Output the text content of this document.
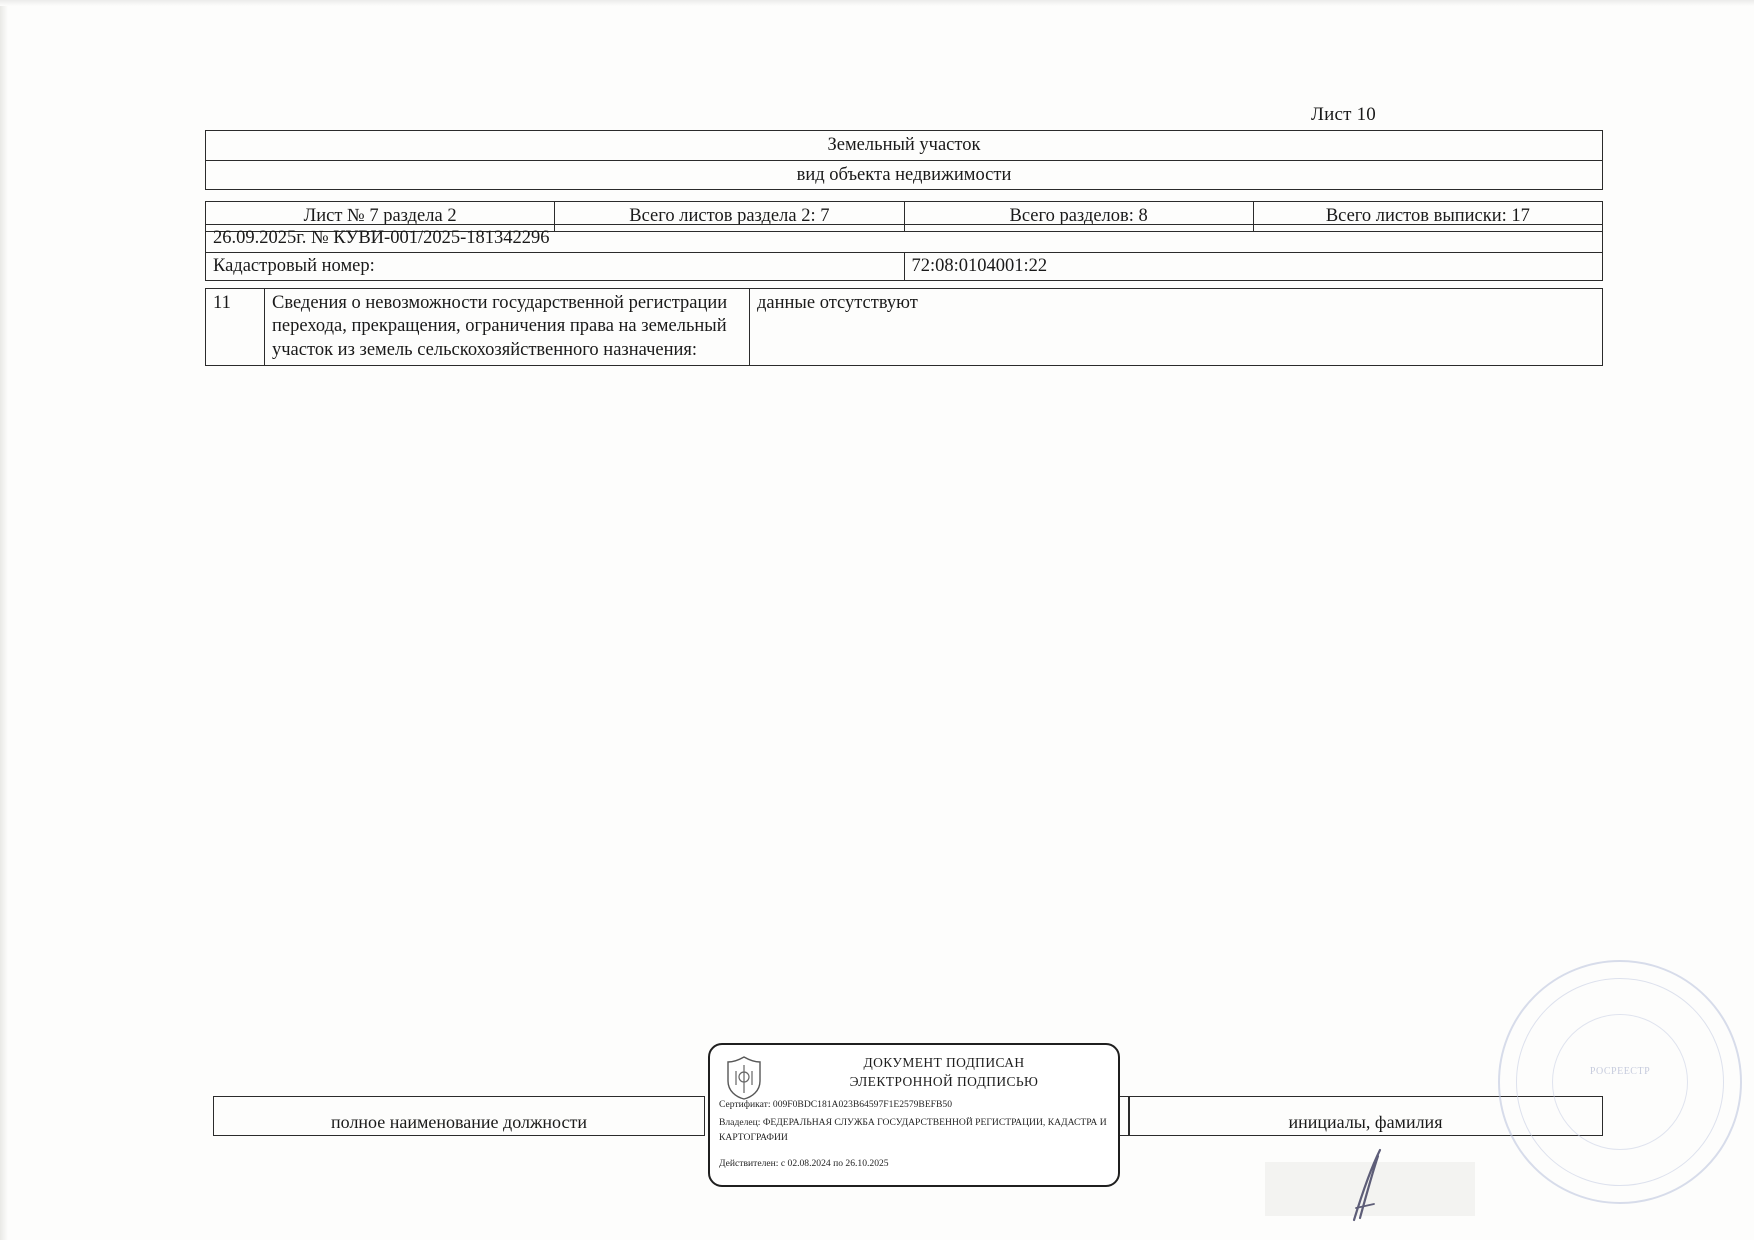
Лист 10
Земельный участок
вид объекта недвижимости

Лист № 7 раздела 2	Всего листов раздела 2: 7	Всего разделов: 8	Всего листов выписки: 17
26.09.2025г. № КУВИ-001/2025-181342296
Кадастровый номер:	72:08:0104001:22
11	Сведения о невозможности государственной регистрации перехода, прекращения, ограничения права на земельный участок из земель сельскохозяйственного назначения:	данные отсутствуют
полное наименование должности	инициалы, фамилия
РОСРЕЕСТР
ДОКУМЕНТ ПОДПИСАН
ЭЛЕКТРОННОЙ ПОДПИСЬЮ
Сертификат: 009F0BDC181A023B64597F1E2579BEFB50
Владелец: ФЕДЕРАЛЬНАЯ СЛУЖБА ГОСУДАРСТВЕННОЙ РЕГИСТРАЦИИ, КАДАСТРА И КАРТОГРАФИИ
Действителен: с 02.08.2024 по 26.10.2025
